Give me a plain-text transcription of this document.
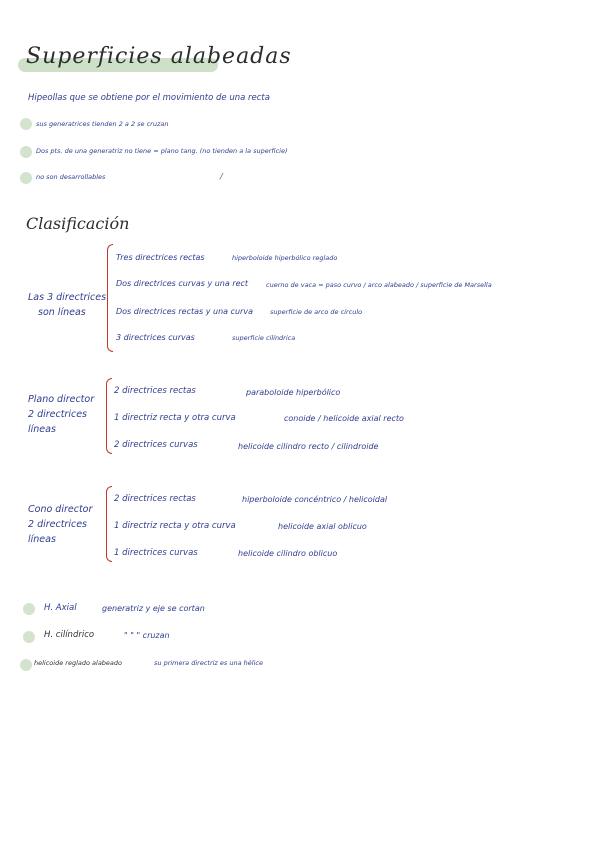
Superficies alabeadas
Hipeollas que se obtiene por el movimiento de una recta
sus generatrices tienden 2 a 2 se cruzan
Dos pts. de una generatriz no tiene = plano tang. (no tienden a la superficie)
no son desarrollables	/
Clasificación
Las 3 directrices
son líneas
Tres directrices rectas	hiperboloide hiperbólico reglado
Dos directrices curvas y una rect	cuerno de vaca = paso curvo / arco alabeado / superficie de Marsella
Dos directrices rectas y una curva	superficie de arco de círculo
3 directrices curvas	superficie cilíndrica
Plano director
2 directrices
líneas
2 directrices rectas	paraboloide hiperbólico
1 directriz recta y otra curva	conoide / helicoide axial recto
2 directrices curvas	helicoide cilindro recto / cilindroide
Cono director
2 directrices
líneas
2 directrices rectas	hiperboloide concéntrico / helicoidal
1 directriz recta y otra curva	helicoide axial oblicuo
1 directrices curvas	helicoide cilindro oblicuo
H. Axial	generatriz y eje se cortan
H. cilíndrico	" " " cruzan
helicoide reglado alabeado	su primera directriz es una hélice
